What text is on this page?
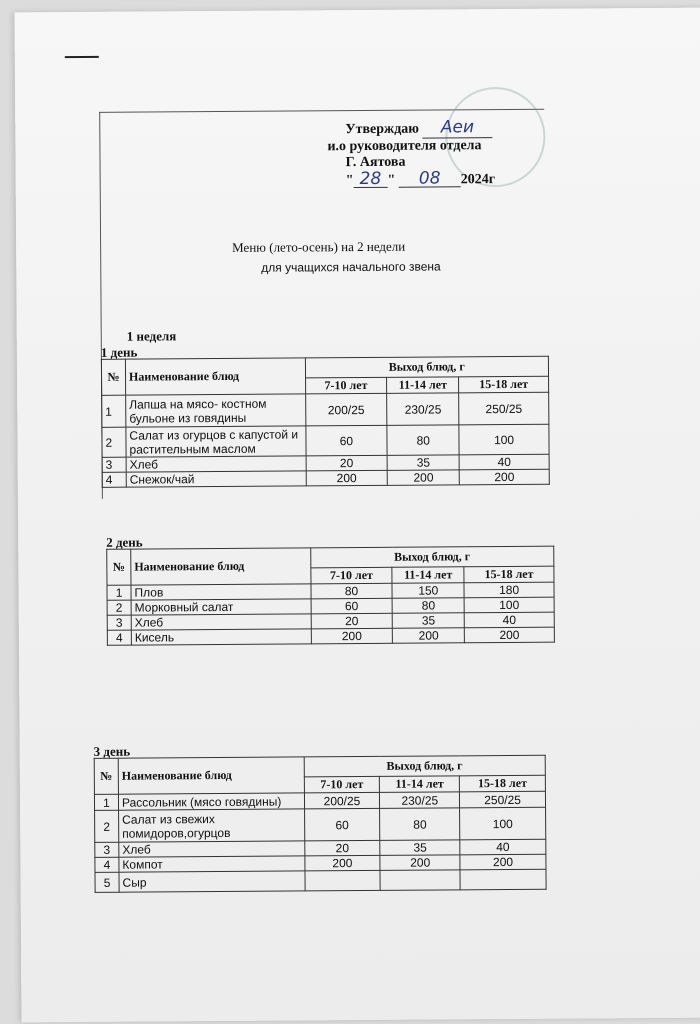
Утверждаю Аеи
и.о руководителя отдела
Г. Аятова
" 28 " 08 2024г
Меню (лето-осень) на 2 недели
для учащихся начального звена
1 неделя
1 день
№	Наименование блюд	Выход блюд, г		
		7-10 лет	11-14 лет	15-18 лет
1	Лапша на мясо- костном бульоне из говядины	200/25	230/25	250/25
2	Салат из огурцов с капустой и растительным маслом	60	80	100
3	Хлеб	20	35	40
4	Снежок/чай	200	200	200
2 день
№	Наименование блюд	Выход блюд, г		
		7-10 лет	11-14 лет	15-18 лет
1	Плов	80	150	180
2	Морковный салат	60	80	100
3	Хлеб	20	35	40
4	Кисель	200	200	200
3 день
№	Наименование блюд	Выход блюд, г		
		7-10 лет	11-14 лет	15-18 лет
1	Рассольник (мясо говядины)	200/25	230/25	250/25
2	Салат из свежих помидоров,огурцов	60	80	100
3	Хлеб	20	35	40
4	Компот	200	200	200
5	Сыр			
